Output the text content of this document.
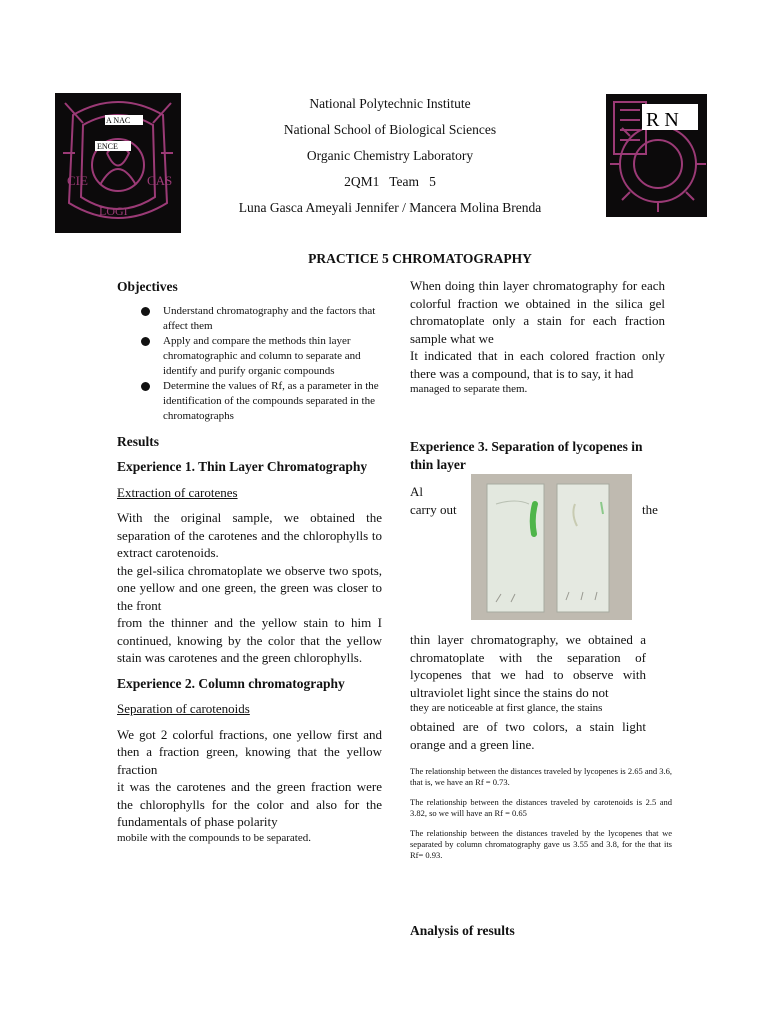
A NAC
ENCE
CIE	CAS
LOGI
R N
National Polytechnic Institute
National School of Biological Sciences
Organic Chemistry Laboratory
2QM1   Team   5
Luna Gasca Ameyali Jennifer / Mancera Molina Brenda
PRACTICE 5 CHROMATOGRAPHY
Objectives
Understand chromatography and the factors that affect them
Apply and compare the methods thin layer chromatographic and column to separate and identify and purify organic compounds
Determine the values of Rf, as a parameter in the identification of the compounds separated in the chromatographs
Results
Experience 1. Thin Layer Chromatography
Extraction of carotenes
With the original sample, we obtained the separation of the carotenes and the chlorophylls to extract carotenoids.
the gel-silica chromatoplate we observe two spots, one yellow and one green, the green was closer to the front
from the thinner and the yellow stain to him I continued, knowing by the color that the yellow stain was carotenes and the green chlorophylls.
Experience 2. Column chromatography
Separation of carotenoids
We got 2 colorful fractions, one yellow first and then a fraction green, knowing that the yellow fraction
it was the carotenes and the green fraction were the chlorophylls for the color and also for the fundamentals of phase polarity
mobile with the compounds to be separated.
When doing thin layer chromatography for each colorful fraction we obtained in the silica gel chromatoplate only a stain for each fraction sample what we
It indicated that in each colored fraction only there was a compound, that is to say, it had
managed to separate them.
Experience 3. Separation of lycopenes in thin layer
Al
carry out	the
thin layer chromatography, we obtained a chromatoplate with the separation of lycopenes that we had to observe with ultraviolet light since the stains do not
they are noticeable at first glance, the stains
obtained are of two colors, a stain light orange and a green line.
The relationship between the distances traveled by lycopenes is 2.65 and 3.6, that is, we have an Rf = 0.73.
The relationship between the distances traveled by carotenoids is 2.5 and 3.82, so we will have an Rf = 0.65
The relationship between the distances traveled by the lycopenes that we separated by column chromatography gave us 3.55 and 3.8, for the that its Rf= 0.93.
Analysis of results
